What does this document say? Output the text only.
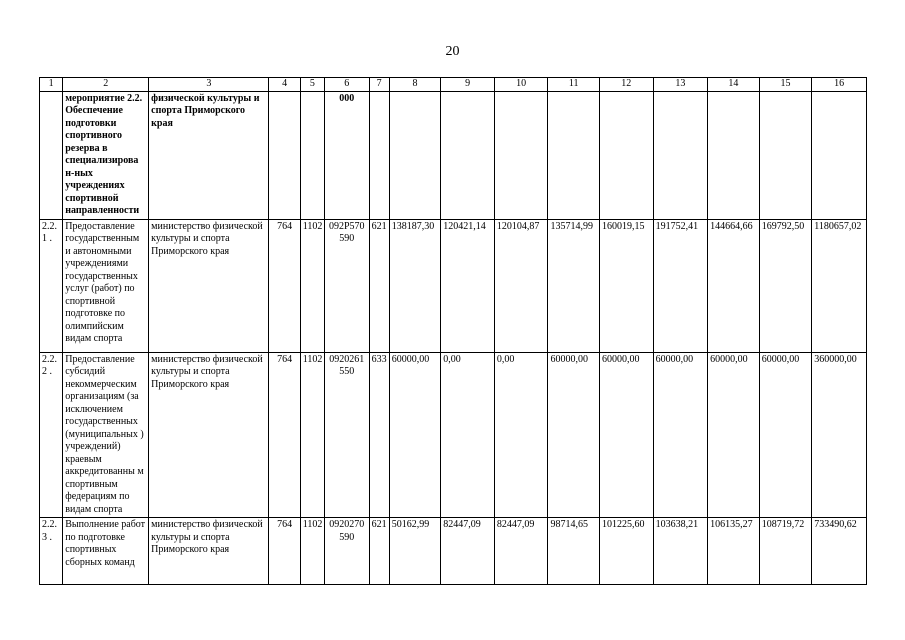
20
1	2	3	4	5	6	7	8	9	10	11	12	13	14	15	16
	мероприятие 2.2. Обеспечение подготовки спортивного резерва в специализирова н-ных учреждениях спортивной направленности	физической культуры и спорта Приморского края			000										
2.2.1 .	Предоставление государственным и автономными учреждениями государственных услуг (работ) по спортивной подготовке по олимпийским видам спорта	министерство физической культуры и спорта Приморского края	764	1102	092Р570 590	621	138187,30	120421,14	120104,87	135714,99	160019,15	191752,41	144664,66	169792,50	1180657,02
2.2.2 .	Предоставление субсидий некоммерческим организациям (за исключением государственных (муниципальных ) учреждений) краевым аккредитованны м спортивным федерациям по видам спорта	министерство физической культуры и спорта Приморского края	764	1102	0920261 550	633	60000,00	0,00	0,00	60000,00	60000,00	60000,00	60000,00	60000,00	360000,00
2.2.3 .	Выполнение работ по подготовке спортивных сборных команд	министерство физической культуры и спорта Приморского края	764	1102	0920270 590	621	50162,99	82447,09	82447,09	98714,65	101225,60	103638,21	106135,27	108719,72	733490,62
